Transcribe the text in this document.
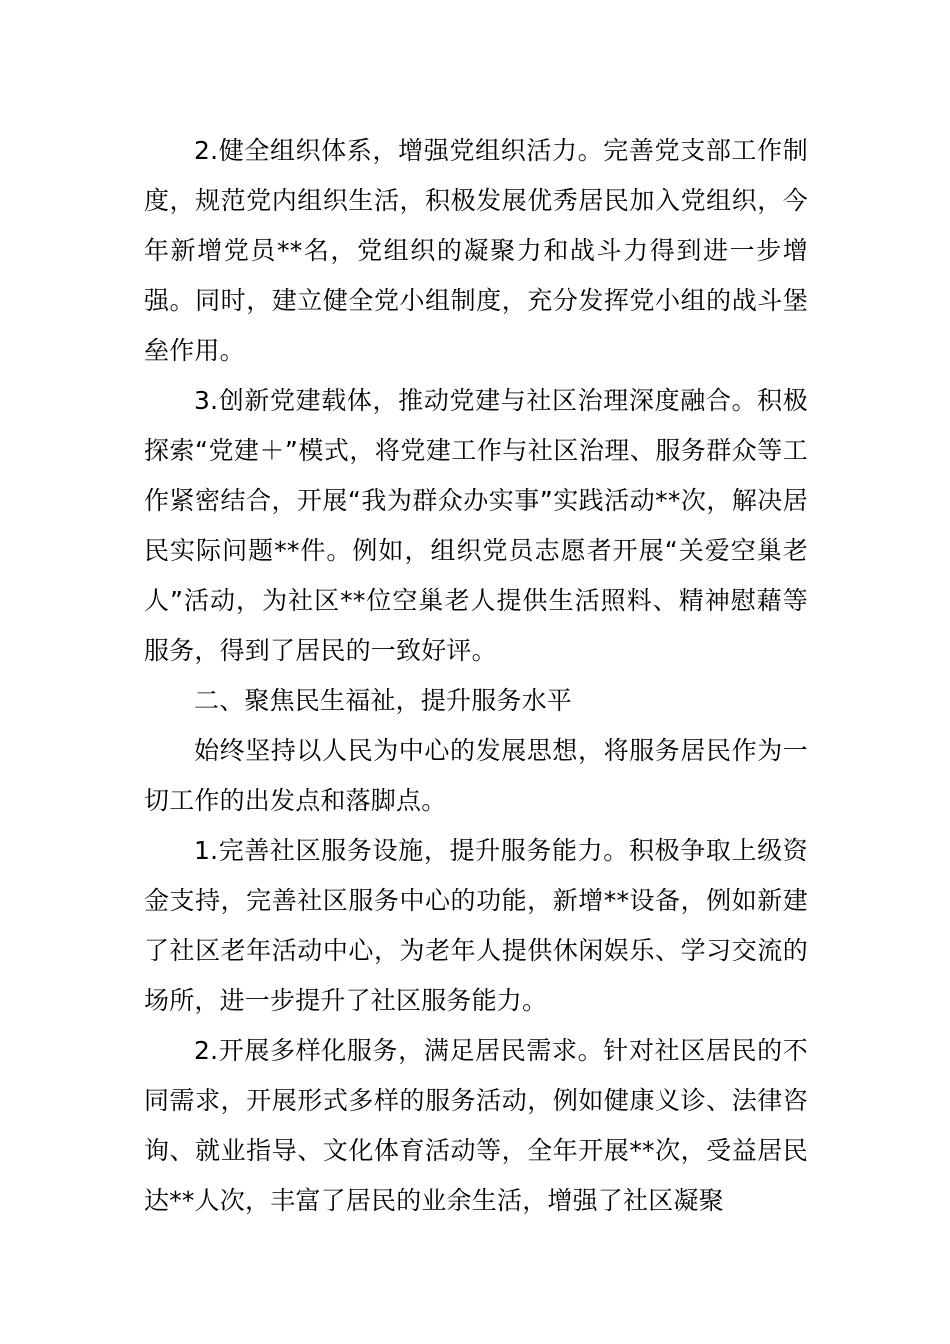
2.健全组织体系，增强党组织活力。完善党支部工作制度，规范党内组织生活，积极发展优秀居民加入党组织，今年新增党员**名，党组织的凝聚力和战斗力得到进一步增强。同时，建立健全党小组制度，充分发挥党小组的战斗堡垒作用。

3.创新党建载体，推动党建与社区治理深度融合。积极探索“党建＋”模式，将党建工作与社区治理、服务群众等工作紧密结合，开展“我为群众办实事”实践活动**次，解决居民实际问题**件。例如，组织党员志愿者开展“关爱空巢老人”活动，为社区**位空巢老人提供生活照料、精神慰藉等服务，得到了居民的一致好评。

二、聚焦民生福祉，提升服务水平

始终坚持以人民为中心的发展思想，将服务居民作为一切工作的出发点和落脚点。

1.完善社区服务设施，提升服务能力。积极争取上级资金支持，完善社区服务中心的功能，新增**设备，例如新建了社区老年活动中心，为老年人提供休闲娱乐、学习交流的场所，进一步提升了社区服务能力。

2.开展多样化服务，满足居民需求。针对社区居民的不同需求，开展形式多样的服务活动，例如健康义诊、法律咨询、就业指导、文化体育活动等，全年开展**次，受益居民达**人次，丰富了居民的业余生活，增强了社区凝聚
